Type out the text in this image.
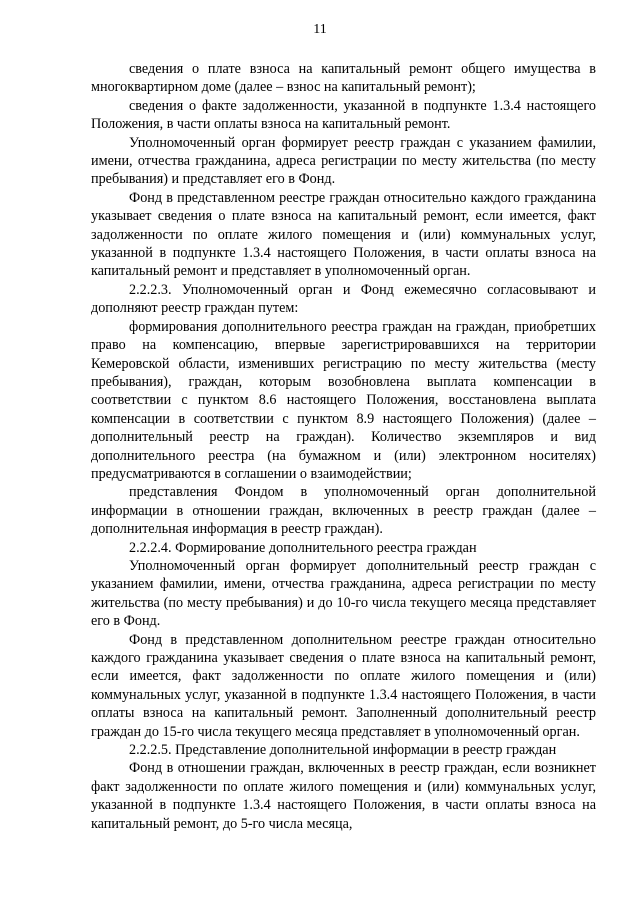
11

сведения о плате взноса на капитальный ремонт общего имущества в многоквартирном доме (далее – взнос на капитальный ремонт);

сведения о факте задолженности, указанной в подпункте 1.3.4 настоящего Положения, в части оплаты взноса на капитальный ремонт.

Уполномоченный орган формирует реестр граждан с указанием фамилии, имени, отчества гражданина, адреса регистрации по месту жительства (по месту пребывания) и представляет его в Фонд.

Фонд в представленном реестре граждан относительно каждого гражданина указывает сведения о плате взноса на капитальный ремонт, если имеется, факт задолженности по оплате жилого помещения и (или) коммунальных услуг, указанной в подпункте 1.3.4 настоящего Положения, в части оплаты взноса на капитальный ремонт и представляет в уполномоченный орган.

2.2.2.3. Уполномоченный орган и Фонд ежемесячно согласовывают и дополняют реестр граждан путем:

формирования дополнительного реестра граждан на граждан, приобретших право на компенсацию, впервые зарегистрировавшихся на территории Кемеровской области, изменивших регистрацию по месту жительства (месту пребывания), граждан, которым возобновлена выплата компенсации в соответствии с пунктом 8.6 настоящего Положения, восстановлена выплата компенсации в соответствии с пунктом 8.9 настоящего Положения) (далее – дополнительный реестр на граждан). Количество экземпляров и вид дополнительного реестра (на бумажном и (или) электронном носителях) предусматриваются в соглашении о взаимодействии;

представления Фондом в уполномоченный орган дополнительной информации в отношении граждан, включенных в реестр граждан (далее – дополнительная информация в реестр граждан).

2.2.2.4. Формирование дополнительного реестра граждан

Уполномоченный орган формирует дополнительный реестр граждан с указанием фамилии, имени, отчества гражданина, адреса регистрации по месту жительства (по месту пребывания) и до 10-го числа текущего месяца представляет его в Фонд.

Фонд в представленном дополнительном реестре граждан относительно каждого гражданина указывает сведения о плате взноса на капитальный ремонт, если имеется, факт задолженности по оплате жилого помещения и (или) коммунальных услуг, указанной в подпункте 1.3.4 настоящего Положения, в части оплаты взноса на капитальный ремонт. Заполненный дополнительный реестр граждан до 15-го числа текущего месяца представляет в уполномоченный орган.

2.2.2.5. Представление дополнительной информации в реестр граждан

Фонд в отношении граждан, включенных в реестр граждан, если возникнет факт задолженности по оплате жилого помещения и (или) коммунальных услуг, указанной в подпункте 1.3.4 настоящего Положения, в части оплаты взноса на капитальный ремонт, до 5-го числа месяца,
